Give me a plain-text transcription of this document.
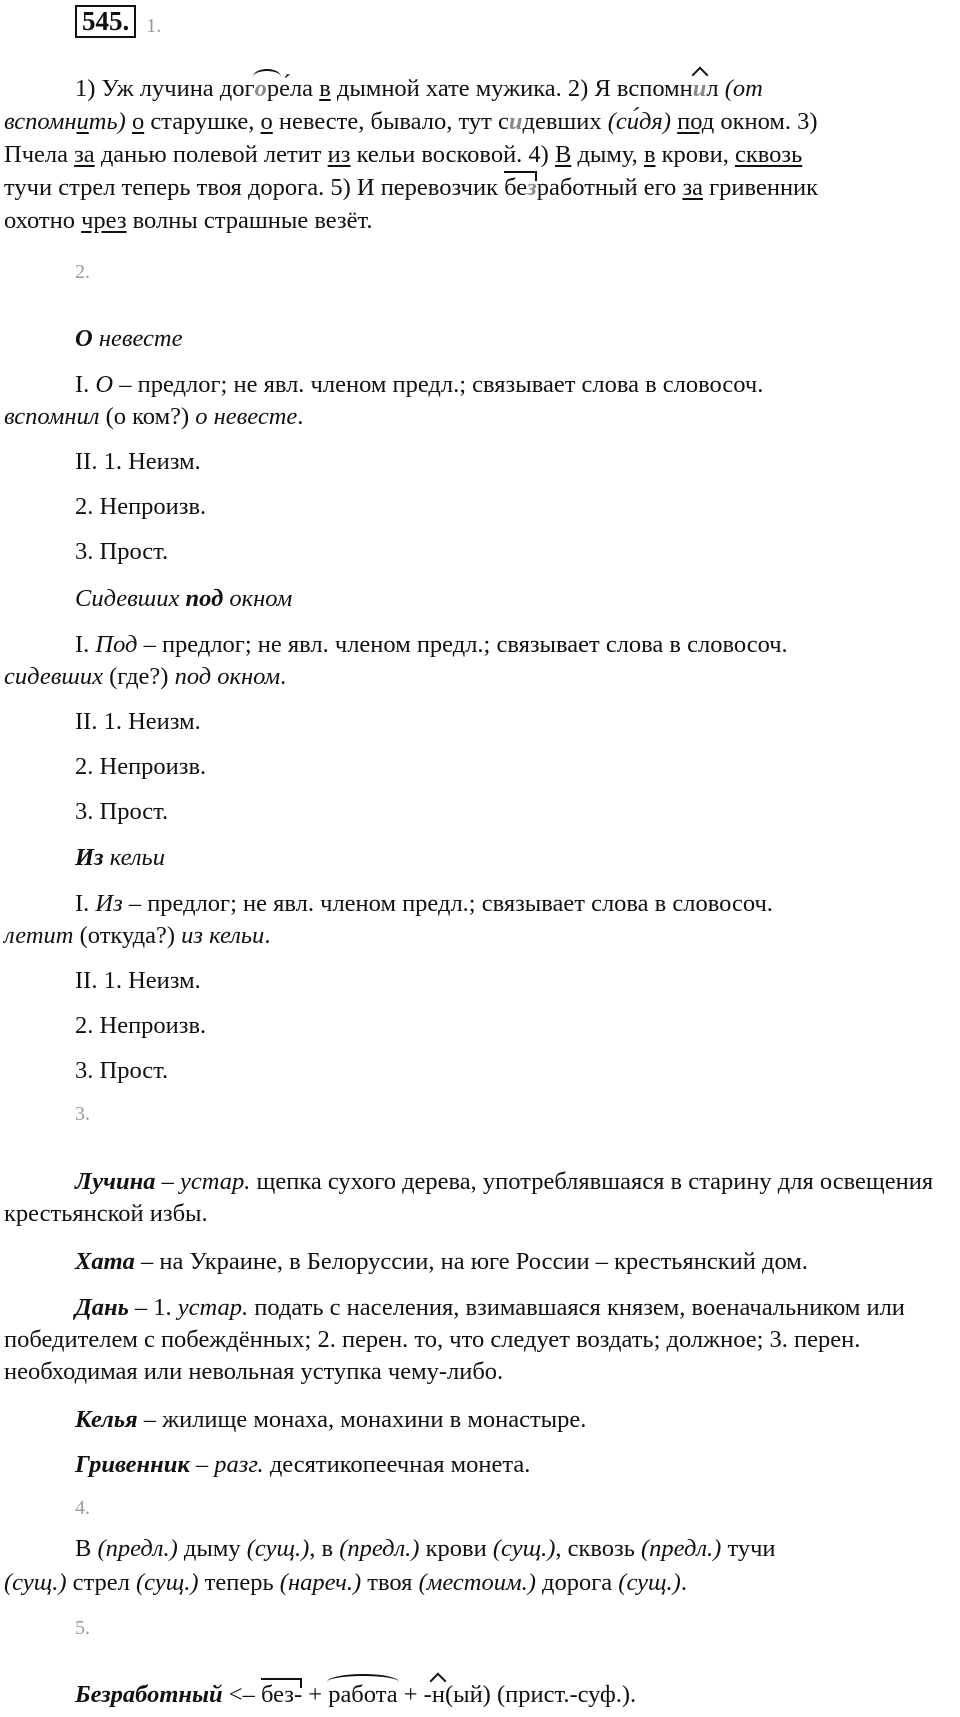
545. 1.
1) Уж лучина дог
оре́ла в дымной хате мужика. 2) Я вспомнил (от
вспомнить) о старушке, о невесте, бывало, тут сидевших (си́дя) под окном. 3)
Пчела за данью полевой летит из кельи восковой. 4) В дыму, в крови, сквозь
тучи стрел теперь твоя дорога. 5) И перевозчик безработный его за гривенник
охотно чрез волны страшные везёт.
2.
О невесте
I. О – предлог; не явл. членом предл.; связывает слова в словосоч.
вспомнил (о ком?) о невесте.
II. 1. Неизм.
2. Непроизв.
3. Прост.
Сидевших под окном
I. Под – предлог; не явл. членом предл.; связывает слова в словосоч.
сидевших (где?) под окном.
II. 1. Неизм.
2. Непроизв.
3. Прост.
Из кельи
I. Из – предлог; не явл. членом предл.; связывает слова в словосоч.
летит (откуда?) из кельи.
II. 1. Неизм.
2. Непроизв.
3. Прост.
3.
Лучина – устар. щепка сухого дерева, употреблявшаяся в старину для освещения крестьянской избы.
Хата – на Украине, в Белоруссии, на юге России – крестьянский дом.
Дань – 1. устар. подать с населения, взимавшаяся князем, военачальником или победителем с побеждённых; 2. перен. то, что следует воздать; должное; 3. перен. необходимая или невольная уступка чему-либо.
Келья – жилище монаха, монахини в монастыре.
Гривенник – разг. десятикопеечная монета.
4.
В (предл.) дыму (сущ.), в (предл.) крови (сущ.), сквозь (предл.) тучи
(сущ.) стрел (сущ.) теперь (нареч.) твоя (местоим.) дорога (сущ.).
5.
Безработный <– без- + работа + -н(ый) (прист.-суф.).
